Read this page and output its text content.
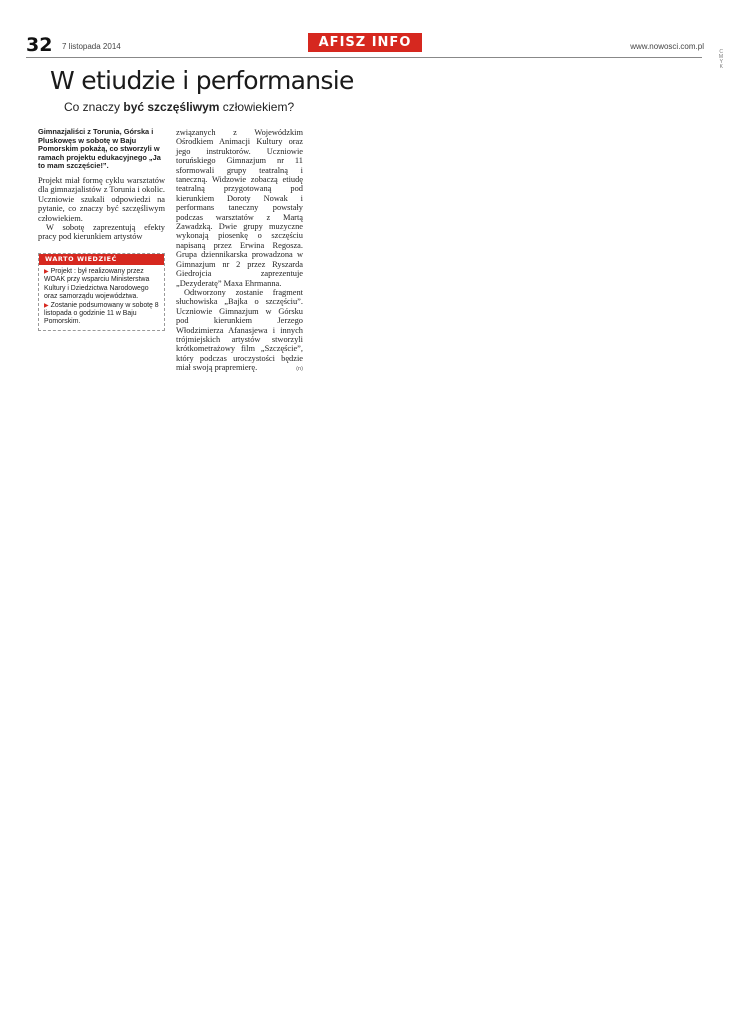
32 7 listopada 2014	AFISZ INFO	www.nowosci.com.pl
C
M
Y
K
W etiudzie i performansie
Co znaczy być szczęśliwym człowiekiem?

Gimnazjaliści z Torunia, Górska i Pluskowęs w sobotę w Baju Pomorskim pokażą, co stworzyli w ramach projektu edukacyjnego „Ja to mam szczęście!”.

Projekt miał formę cyklu warsztatów dla gimnazjalistów z Torunia i okolic. Uczniowie szukali odpowiedzi na pytanie, co znaczy być szczęśliwym człowiekiem.

W sobotę zaprezentują efekty pracy pod kierunkiem artystów

WARTO WIEDZIEĆ

▶ Projekt : był realizowany przez WOAK przy wsparciu Ministerstwa Kultury i Dziedzictwa Narodowego oraz samorządu województwa.

▶ Zostanie podsumowany w sobotę 8 listopada o godzinie 11 w Baju Pomorskim.

związanych z Wojewódzkim Ośrodkiem Animacji Kultury oraz jego instruktorów. Uczniowie toruńskiego Gimnazjum nr 11 sformowali grupy teatralną i taneczną. Widzowie zobaczą etiudę teatralną przygotowaną pod kierunkiem Doroty Nowak i performans taneczny powstały podczas warsztatów z Martą Zawadzką. Dwie grupy muzyczne wykonają piosenkę o szczęściu napisaną przez Erwina Regosza. Grupa dziennikarska prowadzona w Gimnazjum nr 2 przez Ryszarda Giedrojcia zaprezentuje „Dezyderatę” Maxa Ehrmanna.

Odtworzony zostanie fragment słuchowiska „Bajka o szczęściu”. Uczniowie Gimnazjum w Górsku pod kierunkiem Jerzego Włodzimierza Afanasjewa i innych trójmiejskich artystów stworzyli krótkometrażowy film „Szczęście”, który podczas uroczystości będzie miał swoją prapremierę.	(n)
